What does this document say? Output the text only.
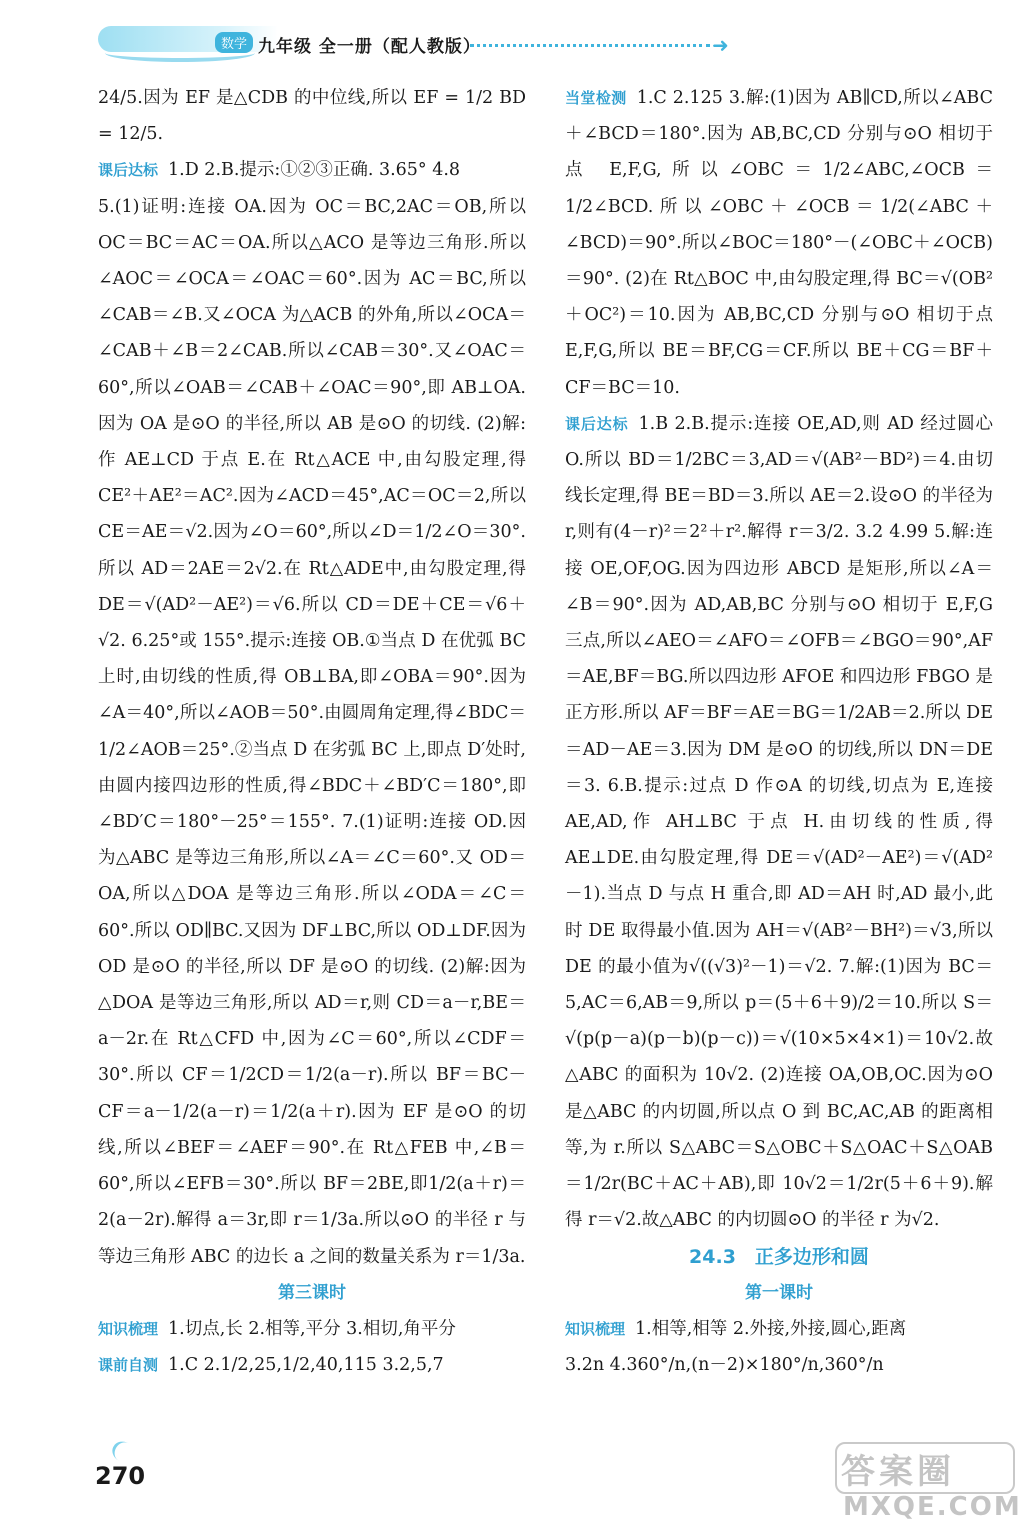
数学 九年级 全一册（配人教版）	➜

24/5.因为 EF 是△CDB 的中位线,所以 EF = 1/2 BD = 12/5.

课后达标 1.D 2.B.提示:①②③正确. 3.65° 4.8

5.(1)证明:连接 OA.因为 OC＝BC,2AC＝OB,所以 OC＝BC＝AC＝OA.所以△ACO 是等边三角形.所以∠AOC＝∠OCA＝∠OAC＝60°.因为 AC＝BC,所以∠CAB＝∠B.又∠OCA 为△ACB 的外角,所以∠OCA＝∠CAB＋∠B＝2∠CAB.所以∠CAB＝30°.又∠OAC＝60°,所以∠OAB＝∠CAB＋∠OAC＝90°,即 AB⊥OA.因为 OA 是⊙O 的半径,所以 AB 是⊙O 的切线. (2)解:作 AE⊥CD 于点 E.在 Rt△ACE 中,由勾股定理,得 CE²＋AE²＝AC².因为∠ACD＝45°,AC＝OC＝2,所以 CE＝AE＝√2.因为∠O＝60°,所以∠D＝1/2∠O＝30°.所以 AD＝2AE＝2√2.在 Rt△ADE中,由勾股定理,得 DE＝√(AD²－AE²)＝√6.所以 CD＝DE＋CE＝√6＋√2. 6.25°或 155°.提示:连接 OB.①当点 D 在优弧 BC 上时,由切线的性质,得 OB⊥BA,即∠OBA＝90°.因为∠A＝40°,所以∠AOB＝50°.由圆周角定理,得∠BDC＝1/2∠AOB＝25°.②当点 D 在劣弧 BC 上,即点 D′处时,由圆内接四边形的性质,得∠BDC＋∠BD′C＝180°,即∠BD′C＝180°－25°＝155°. 7.(1)证明:连接 OD.因为△ABC 是等边三角形,所以∠A＝∠C＝60°.又 OD＝OA,所以△DOA 是等边三角形.所以∠ODA＝∠C＝60°.所以 OD∥BC.又因为 DF⊥BC,所以 OD⊥DF.因为 OD 是⊙O 的半径,所以 DF 是⊙O 的切线. (2)解:因为△DOA 是等边三角形,所以 AD＝r,则 CD＝a－r,BE＝a－2r.在 Rt△CFD 中,因为∠C＝60°,所以∠CDF＝30°.所以 CF＝1/2CD＝1/2(a－r).所以 BF＝BC－CF＝a－1/2(a－r)＝1/2(a＋r).因为 EF 是⊙O 的切线,所以∠BEF＝∠AEF＝90°.在 Rt△FEB 中,∠B＝60°,所以∠EFB＝30°.所以 BF＝2BE,即1/2(a＋r)＝2(a－2r).解得 a＝3r,即 r＝1/3a.所以⊙O 的半径 r 与等边三角形 ABC 的边长 a 之间的数量关系为 r＝1/3a.

第三课时

知识梳理 1.切点,长 2.相等,平分 3.相切,角平分

课前自测 1.C 2.1/2,25,1/2,40,115 3.2,5,7

当堂检测 1.C 2.125 3.解:(1)因为 AB∥CD,所以∠ABC＋∠BCD＝180°.因为 AB,BC,CD 分别与⊙O 相切于点 E,F,G,所以∠OBC＝1/2∠ABC,∠OCB＝1/2∠BCD.所以∠OBC＋∠OCB＝1/2(∠ABC＋∠BCD)＝90°.所以∠BOC＝180°－(∠OBC＋∠OCB)＝90°. (2)在 Rt△BOC 中,由勾股定理,得 BC＝√(OB²＋OC²)＝10.因为 AB,BC,CD 分别与⊙O 相切于点 E,F,G,所以 BE＝BF,CG＝CF.所以 BE＋CG＝BF＋CF＝BC＝10.

课后达标 1.B 2.B.提示:连接 OE,AD,则 AD 经过圆心 O.所以 BD＝1/2BC＝3,AD＝√(AB²－BD²)＝4.由切线长定理,得 BE＝BD＝3.所以 AE＝2.设⊙O 的半径为 r,则有(4－r)²＝2²＋r².解得 r＝3/2. 3.2 4.99 5.解:连接 OE,OF,OG.因为四边形 ABCD 是矩形,所以∠A＝∠B＝90°.因为 AD,AB,BC 分别与⊙O 相切于 E,F,G 三点,所以∠AEO＝∠AFO＝∠OFB＝∠BGO＝90°,AF＝AE,BF＝BG.所以四边形 AFOE 和四边形 FBGO 是正方形.所以 AF＝BF＝AE＝BG＝1/2AB＝2.所以 DE＝AD－AE＝3.因为 DM 是⊙O 的切线,所以 DN＝DE＝3. 6.B.提示:过点 D 作⊙A 的切线,切点为 E,连接 AE,AD,作 AH⊥BC 于点 H.由切线的性质,得 AE⊥DE.由勾股定理,得 DE＝√(AD²－AE²)＝√(AD²－1).当点 D 与点 H 重合,即 AD＝AH 时,AD 最小,此时 DE 取得最小值.因为 AH＝√(AB²－BH²)＝√3,所以 DE 的最小值为√((√3)²－1)＝√2. 7.解:(1)因为 BC＝5,AC＝6,AB＝9,所以 p＝(5＋6＋9)/2＝10.所以 S＝√(p(p－a)(p－b)(p－c))＝√(10×5×4×1)＝10√2.故△ABC 的面积为 10√2. (2)连接 OA,OB,OC.因为⊙O 是△ABC 的内切圆,所以点 O 到 BC,AC,AB 的距离相等,为 r.所以 S△ABC＝S△OBC＋S△OAC＋S△OAB＝1/2r(BC＋AC＋AB),即 10√2＝1/2r(5＋6＋9).解得 r＝√2.故△ABC 的内切圆⊙O 的半径 r 为√2.

24.3　正多边形和圆

第一课时

知识梳理 1.相等,相等 2.外接,外接,圆心,距离

3.2n 4.360°/n,(n－2)×180°/n,360°/n

270	答案圈
MXQE.COM
